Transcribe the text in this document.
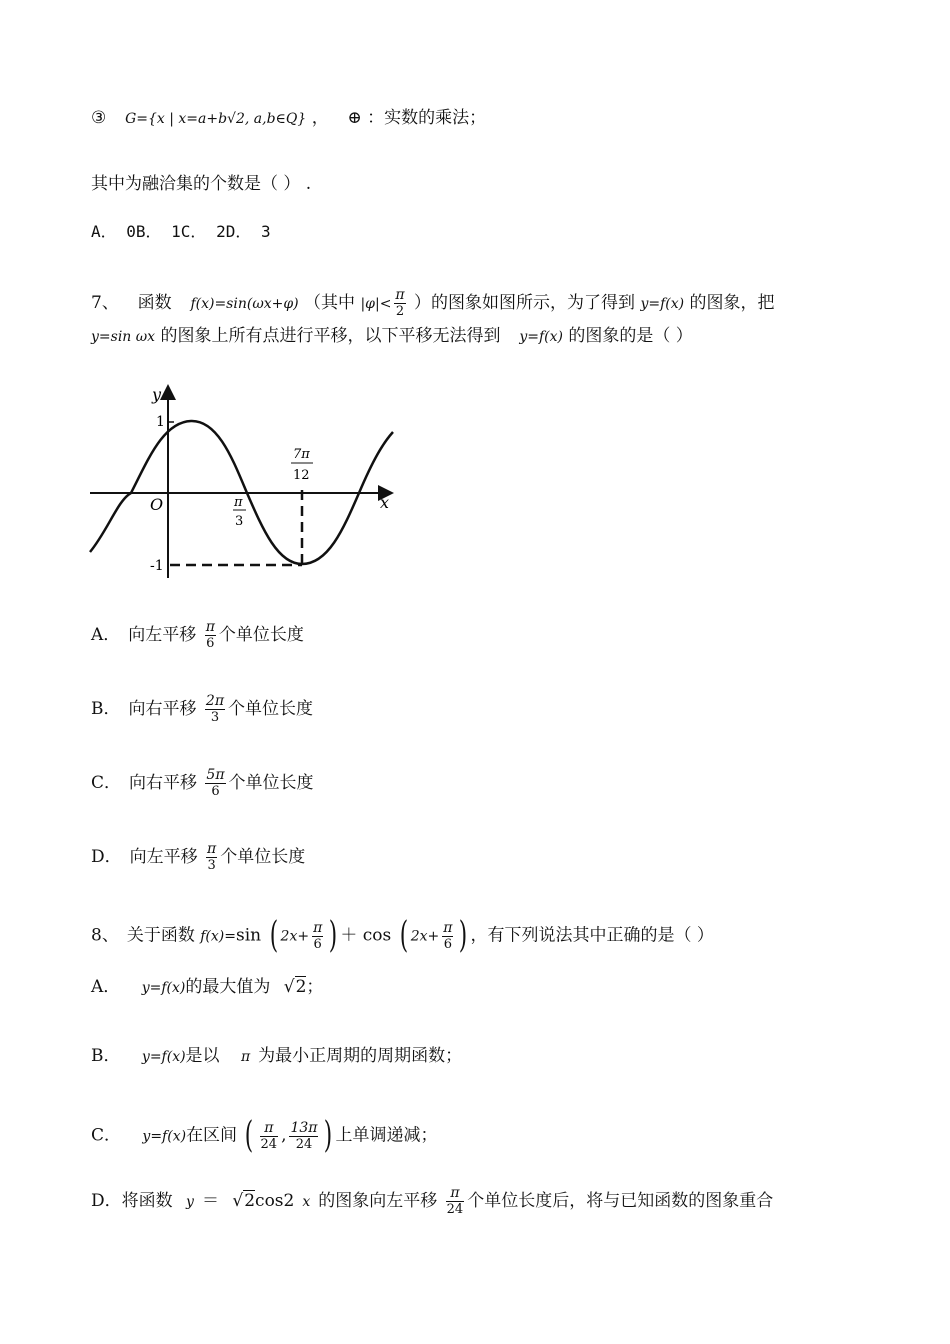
③ G={x | x=a+b√2, a,b∈Q} ， ⊕ ：实数的乘法；
其中为融洽集的个数是（ ） .
A． 0B． 1C． 2D． 3
7、 函数 f(x)=sin(ωx+φ) （其中 $|\varphi|< \frac{\pi}{2}$ ）的图象如图所示，为了得到 y=f(x) 的图象，把
y=sin ωx 的图象上所有点进行平移，以下平移无法得到 y=f(x) 的图象的是（ ）
y
x
O
1
-1
π
3
7π
12
A． 向左平移 $\frac{\pi}{6}$ 个单位长度
B． 向右平移 $\frac{2\pi}{3}$ 个单位长度
C． 向右平移 $\frac{5\pi}{6}$ 个单位长度
D． 向左平移 $\frac{\pi}{3}$ 个单位长度
8、 关于函数 f(x)=sin ( $2x+ \frac{\pi}{6}$ ) ＋ cos ( $2x+ \frac{\pi}{6}$ ) ，有下列说法其中正确的是（ ）
A． y=f(x)的最大值为 √2；
B． y=f(x)是以 π 为最小正周期的周期函数；
C． y=f(x)在区间 ( $\frac{\pi}{24}$ , $\frac{13\pi}{24}$ ) 上单调递减；
D．将函数 y ＝ √2cos2 x 的图象向左平移 $\frac{\pi}{24}$ 个单位长度后，将与已知函数的图象重合
